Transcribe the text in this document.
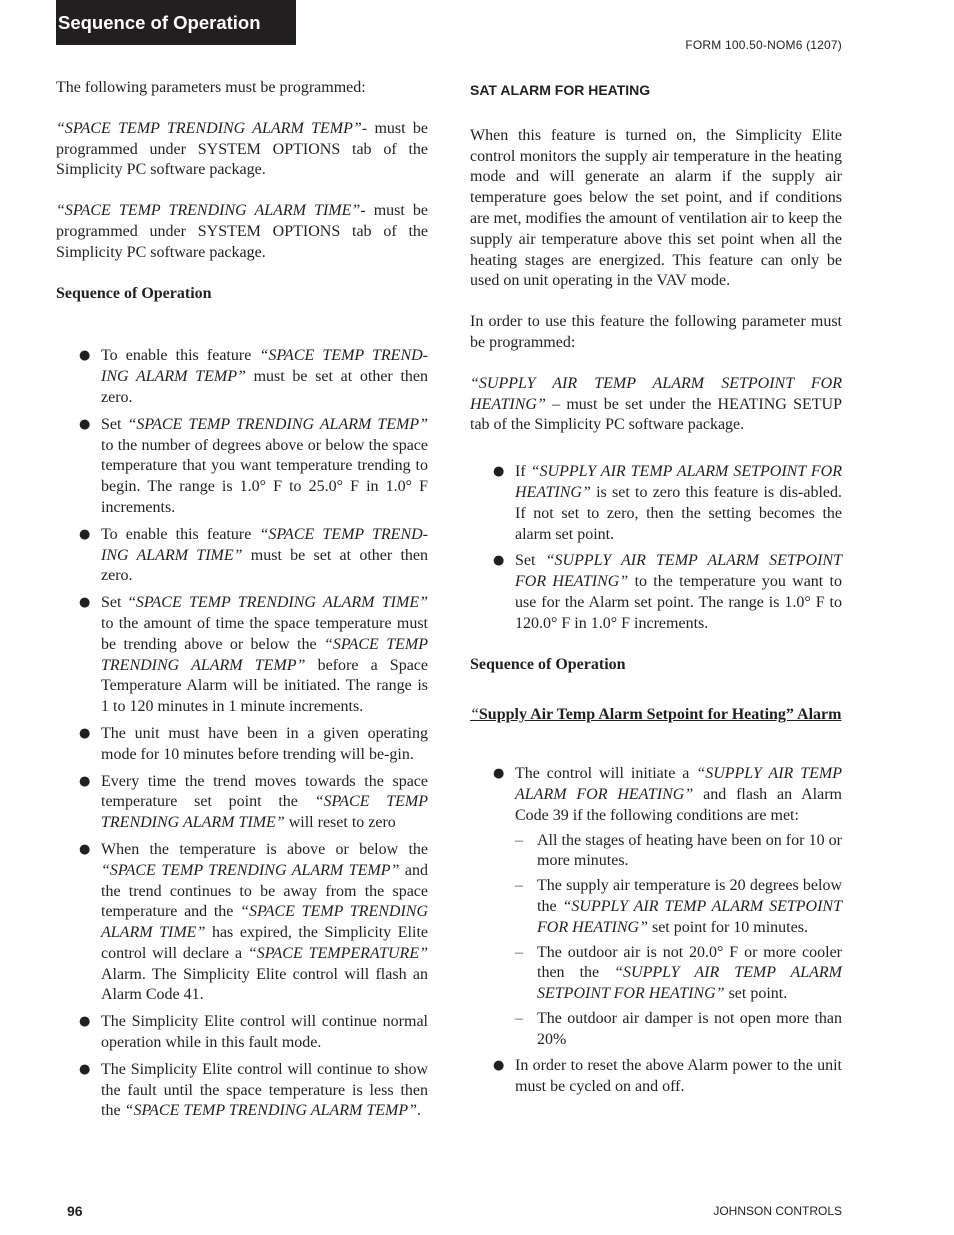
Sequence of Operation
FORM 100.50-NOM6 (1207)

The following parameters must be programmed:

“SPACE TEMP TRENDING ALARM TEMP”- must be programmed under SYSTEM OPTIONS tab of the Simplicity PC software package.

“SPACE TEMP TRENDING ALARM TIME”- must be programmed under SYSTEM OPTIONS tab of the Simplicity PC software package.

Sequence of Operation
● To enable this feature “SPACE TEMP TREND-ING ALARM TEMP” must be set at other then zero.
● Set “SPACE TEMP TRENDING ALARM TEMP” to the number of degrees above or below the space temperature that you want temperature trending to begin. The range is 1.0° F to 25.0° F in 1.0° F increments.
● To enable this feature “SPACE TEMP TREND-ING ALARM TIME” must be set at other then zero.
● Set “SPACE TEMP TRENDING ALARM TIME” to the amount of time the space temperature must be trending above or below the “SPACE TEMP TRENDING ALARM TEMP” before a Space Temperature Alarm will be initiated. The range is 1 to 120 minutes in 1 minute increments.
● The unit must have been in a given operating mode for 10 minutes before trending will be-gin.
● Every time the trend moves towards the space temperature set point the “SPACE TEMP TRENDING ALARM TIME” will reset to zero
● When the temperature is above or below the “SPACE TEMP TRENDING ALARM TEMP” and the trend continues to be away from the space temperature and the “SPACE TEMP TRENDING ALARM TIME” has expired, the Simplicity Elite control will declare a “SPACE TEMPERATURE” Alarm. The Simplicity Elite control will flash an Alarm Code 41.
● The Simplicity Elite control will continue normal operation while in this fault mode.
● The Simplicity Elite control will continue to show the fault until the space temperature is less then the “SPACE TEMP TRENDING ALARM TEMP”.
SAT ALARM FOR HEATING

When this feature is turned on, the Simplicity Elite control monitors the supply air temperature in the heating mode and will generate an alarm if the supply air temperature goes below the set point, and if conditions are met, modifies the amount of ventilation air to keep the supply air temperature above this set point when all the heating stages are energized. This feature can only be used on unit operating in the VAV mode.

In order to use this feature the following parameter must be programmed:

“SUPPLY AIR TEMP ALARM SETPOINT FOR HEATING” – must be set under the HEATING SETUP tab of the Simplicity PC software package.

● If “SUPPLY AIR TEMP ALARM SETPOINT FOR HEATING” is set to zero this feature is dis-abled. If not set to zero, then the setting becomes the alarm set point.
● Set “SUPPLY AIR TEMP ALARM SETPOINT FOR HEATING” to the temperature you want to use for the Alarm set point. The range is 1.0° F to 120.0° F in 1.0° F increments.
Sequence of Operation
“Supply Air Temp Alarm Setpoint for Heating” Alarm
● The control will initiate a “SUPPLY AIR TEMP ALARM FOR HEATING” and flash an Alarm Code 39 if the following conditions are met:
– All the stages of heating have been on for 10 or more minutes.
– The supply air temperature is 20 degrees below the “SUPPLY AIR TEMP ALARM SETPOINT FOR HEATING” set point for 10 minutes.
– The outdoor air is not 20.0° F or more cooler then the “SUPPLY AIR TEMP ALARM SETPOINT FOR HEATING” set point.
– The outdoor air damper is not open more than 20%
● In order to reset the above Alarm power to the unit must be cycled on and off.
96	JOHNSON CONTROLS
